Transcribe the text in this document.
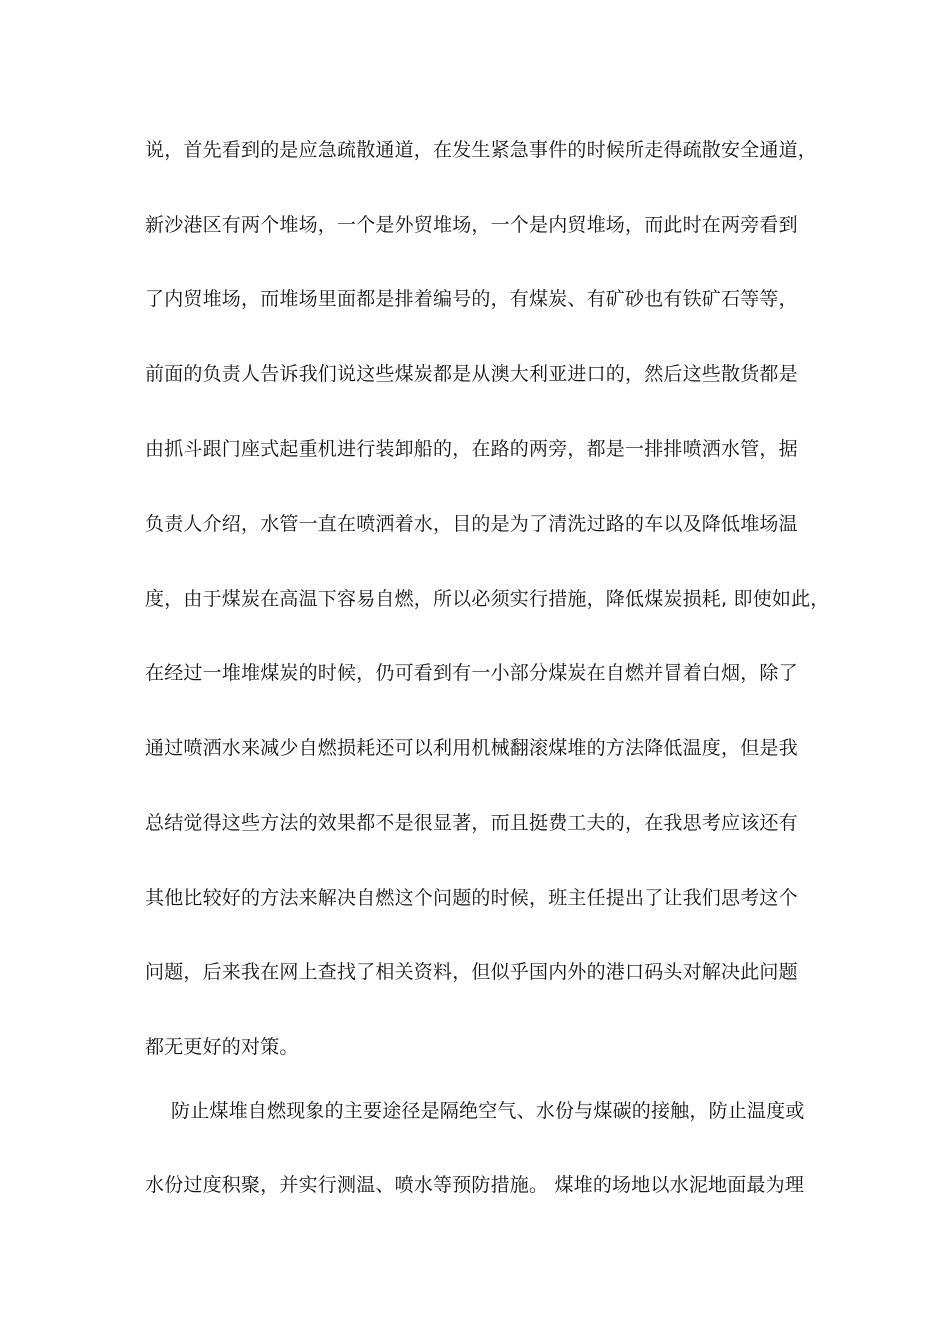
说，首先看到的是应急疏散通道，在发生紧急事件的时候所走得疏散安全通道，
新沙港区有两个堆场，一个是外贸堆场，一个是内贸堆场，而此时在两旁看到
了内贸堆场，而堆场里面都是排着编号的，有煤炭、有矿砂也有铁矿石等等，
前面的负责人告诉我们说这些煤炭都是从澳大利亚进口的，然后这些散货都是
由抓斗跟门座式起重机进行装卸船的，在路的两旁，都是一排排喷洒水管，据
负责人介绍，水管一直在喷洒着水，目的是为了清洗过路的车以及降低堆场温
度，由于煤炭在高温下容易自燃，所以必须实行措施，降低煤炭损耗, 即使如此，
在经过一堆堆煤炭的时候，仍可看到有一小部分煤炭在自燃并冒着白烟，除了
通过喷洒水来减少自燃损耗还可以利用机械翻滚煤堆的方法降低温度，但是我
总结觉得这些方法的效果都不是很显著，而且挺费工夫的，在我思考应该还有
其他比较好的方法来解决自燃这个问题的时候，班主任提出了让我们思考这个
问题，后来我在网上查找了相关资料，但似乎国内外的港口码头对解决此问题
都无更好的对策。
防止煤堆自燃现象的主要途径是隔绝空气、水份与煤碳的接触，防止温度或
水份过度积聚，并实行测温、喷水等预防措施。 煤堆的场地以水泥地面最为理
